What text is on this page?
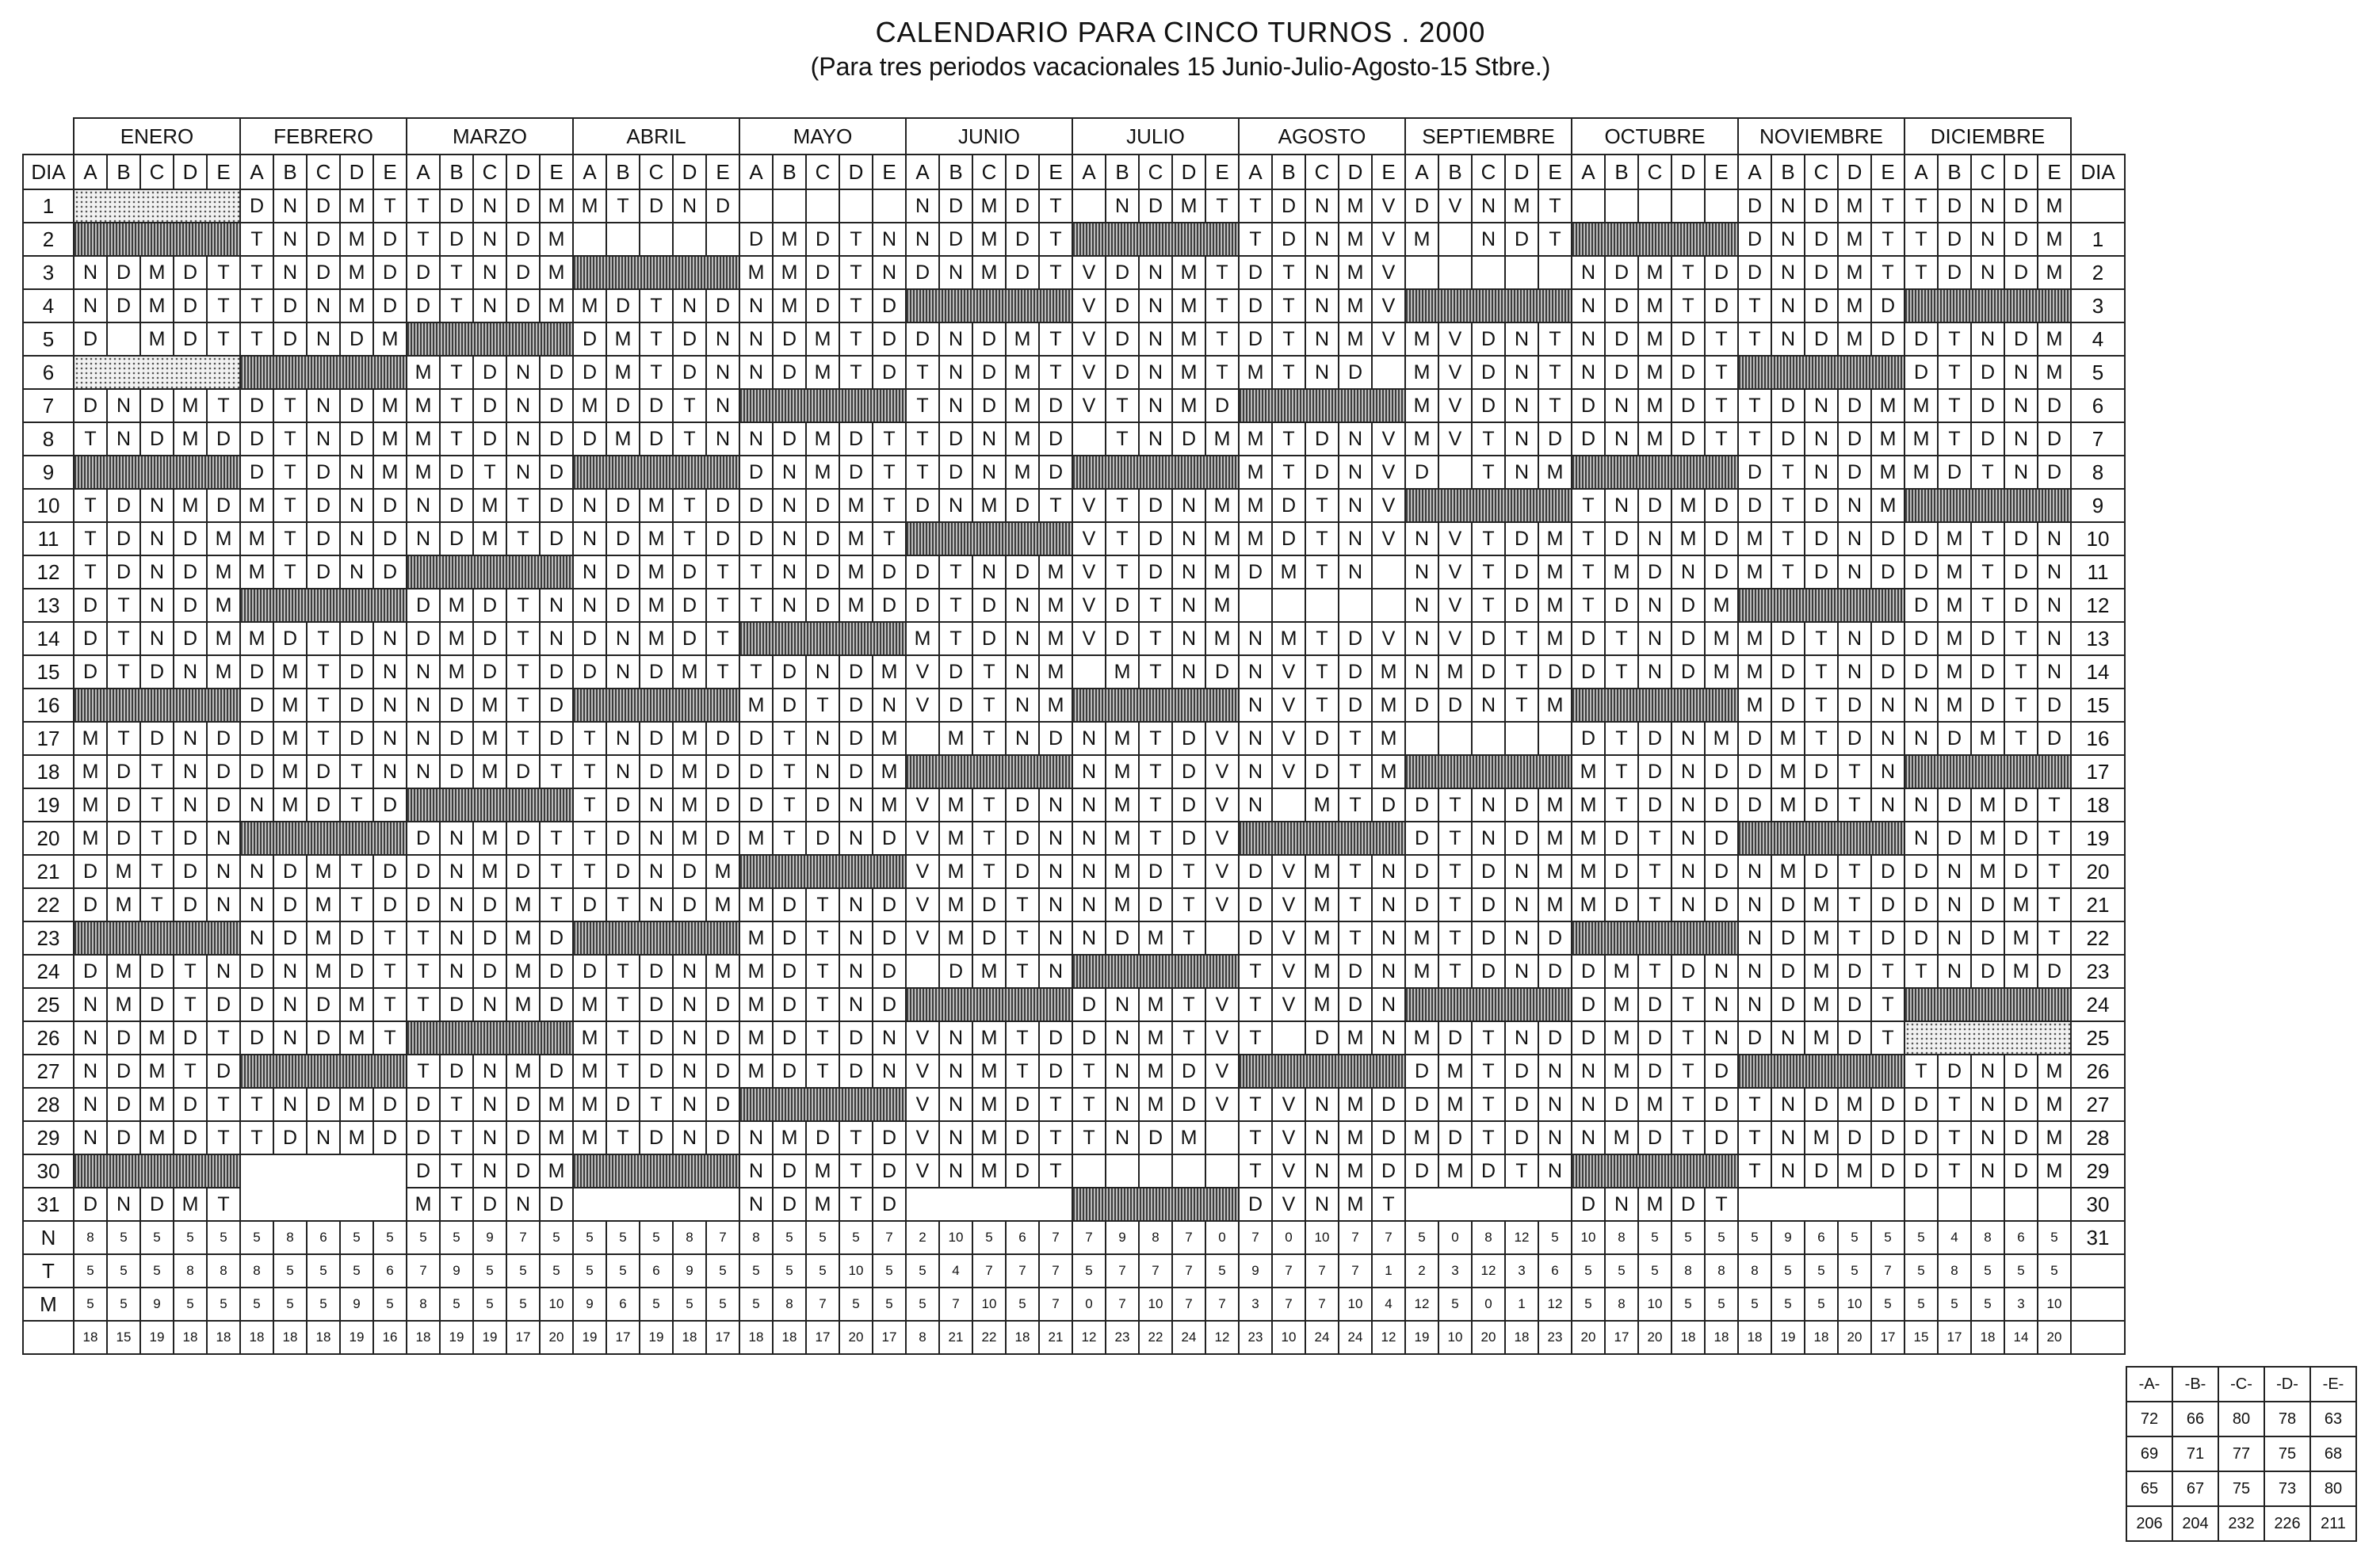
CALENDARIO PARA CINCO TURNOS . 2000
(Para tres periodos vacacionales 15 Junio-Julio-Agosto-15 Stbre.)
	ENERO					FEBRERO					MARZO					ABRIL					MAYO					JUNIO					JULIO					AGOSTO					SEPTIEMBRE					OCTUBRE					NOVIEMBRE					DICIEMBRE					
DIA	A	B	C	D	E	A	B	C	D	E	A	B	C	D	E	A	B	C	D	E	A	B	C	D	E	A	B	C	D	E	A	B	C	D	E	A	B	C	D	E	A	B	C	D	E	A	B	C	D	E	A	B	C	D	E	A	B	C	D	E	DIA
1						D	N	D	M	T	T	D	N	D	M	M	T	D	N	D						N	D	M	D	T		N	D	M	T	T	D	N	M	V	D	V	N	M	T						D	N	D	M	T	T	D	N	D	M	
2						T	N	D	M	D	T	D	N	D	M						D	M	D	T	N	N	D	M	D	T						T	D	N	M	V	M		N	D	T						D	N	D	M	T	T	D	N	D	M	1
3	N	D	M	D	T	T	N	D	M	D	D	T	N	D	M						M	M	D	T	N	D	N	M	D	T	V	D	N	M	T	D	T	N	M	V						N	D	M	T	D	D	N	D	M	T	T	D	N	D	M	2
4	N	D	M	D	T	T	D	N	M	D	D	T	N	D	M	M	D	T	N	D	N	M	D	T	D						V	D	N	M	T	D	T	N	M	V						N	D	M	T	D	T	N	D	M	D						3
5	D		M	D	T	T	D	N	D	M						D	M	T	D	N	N	D	M	T	D	D	N	D	M	T	V	D	N	M	T	D	T	N	M	V	M	V	D	N	T	N	D	M	D	T	T	N	D	M	D	D	T	N	D	M	4
6											M	T	D	N	D	D	M	T	D	N	N	D	M	T	D	T	N	D	M	T	V	D	N	M	T	M	T	N	D		M	V	D	N	T	N	D	M	D	T						D	T	D	N	M	5
7	D	N	D	M	T	D	T	N	D	M	M	T	D	N	D	M	D	D	T	N						T	N	D	M	D	V	T	N	M	D						M	V	D	N	T	D	N	M	D	T	T	D	N	D	M	M	T	D	N	D	6
8	T	N	D	M	D	D	T	N	D	M	M	T	D	N	D	D	M	D	T	N	N	D	M	D	T	T	D	N	M	D		T	N	D	M	M	T	D	N	V	M	V	T	N	D	D	N	M	D	T	T	D	N	D	M	M	T	D	N	D	7
9						D	T	D	N	M	M	D	T	N	D						D	N	M	D	T	T	D	N	M	D						M	T	D	N	V	D		T	N	M						D	T	N	D	M	M	D	T	N	D	8
10	T	D	N	M	D	M	T	D	N	D	N	D	M	T	D	N	D	M	T	D	D	N	D	M	T	D	N	M	D	T	V	T	D	N	M	M	D	T	N	V						T	N	D	M	D	D	T	D	N	M						9
11	T	D	N	D	M	M	T	D	N	D	N	D	M	T	D	N	D	M	T	D	D	N	D	M	T						V	T	D	N	M	M	D	T	N	V	N	V	T	D	M	T	D	N	M	D	M	T	D	N	D	D	M	T	D	N	10
12	T	D	N	D	M	M	T	D	N	D						N	D	M	D	T	T	N	D	M	D	D	T	N	D	M	V	T	D	N	M	D	M	T	N		N	V	T	D	M	T	M	D	N	D	M	T	D	N	D	D	M	T	D	N	11
13	D	T	N	D	M						D	M	D	T	N	N	D	M	D	T	T	N	D	M	D	D	T	D	N	M	V	D	T	N	M						N	V	T	D	M	T	D	N	D	M						D	M	T	D	N	12
14	D	T	N	D	M	M	D	T	D	N	D	M	D	T	N	D	N	M	D	T						M	T	D	N	M	V	D	T	N	M	N	M	T	D	V	N	V	D	T	M	D	T	N	D	M	M	D	T	N	D	D	M	D	T	N	13
15	D	T	D	N	M	D	M	T	D	N	N	M	D	T	D	D	N	D	M	T	T	D	N	D	M	V	D	T	N	M		M	T	N	D	N	V	T	D	M	N	M	D	T	D	D	T	N	D	M	M	D	T	N	D	D	M	D	T	N	14
16						D	M	T	D	N	N	D	M	T	D						M	D	T	D	N	V	D	T	N	M						N	V	T	D	M	D	D	N	T	M						M	D	T	D	N	N	M	D	T	D	15
17	M	T	D	N	D	D	M	T	D	N	N	D	M	T	D	T	N	D	M	D	D	T	N	D	M		M	T	N	D	N	M	T	D	V	N	V	D	T	M						D	T	D	N	M	D	M	T	D	N	N	D	M	T	D	16
18	M	D	T	N	D	D	M	D	T	N	N	D	M	D	T	T	N	D	M	D	D	T	N	D	M						N	M	T	D	V	N	V	D	T	M						M	T	D	N	D	D	M	D	T	N						17
19	M	D	T	N	D	N	M	D	T	D						T	D	N	M	D	D	T	D	N	M	V	M	T	D	N	N	M	T	D	V	N		M	T	D	D	T	N	D	M	M	T	D	N	D	D	M	D	T	N	N	D	M	D	T	18
20	M	D	T	D	N						D	N	M	D	T	T	D	N	M	D	M	T	D	N	D	V	M	T	D	N	N	M	T	D	V						D	T	N	D	M	M	D	T	N	D						N	D	M	D	T	19
21	D	M	T	D	N	N	D	M	T	D	D	N	M	D	T	T	D	N	D	M						V	M	T	D	N	N	M	D	T	V	D	V	M	T	N	D	T	D	N	M	M	D	T	N	D	N	M	D	T	D	D	N	M	D	T	20
22	D	M	T	D	N	N	D	M	T	D	D	N	D	M	T	D	T	N	D	M	M	D	T	N	D	V	M	D	T	N	N	M	D	T	V	D	V	M	T	N	D	T	D	N	M	M	D	T	N	D	N	D	M	T	D	D	N	D	M	T	21
23						N	D	M	D	T	T	N	D	M	D						M	D	T	N	D	V	M	D	T	N	N	D	M	T		D	V	M	T	N	M	T	D	N	D						N	D	M	T	D	D	N	D	M	T	22
24	D	M	D	T	N	D	N	M	D	T	T	N	D	M	D	D	T	D	N	M	M	D	T	N	D		D	M	T	N						T	V	M	D	N	M	T	D	N	D	D	M	T	D	N	N	D	M	D	T	T	N	D	M	D	23
25	N	M	D	T	D	D	N	D	M	T	T	D	N	M	D	M	T	D	N	D	M	D	T	N	D						D	N	M	T	V	T	V	M	D	N						D	M	D	T	N	N	D	M	D	T						24
26	N	D	M	D	T	D	N	D	M	T						M	T	D	N	D	M	D	T	D	N	V	N	M	T	D	D	N	M	T	V	T		D	M	N	M	D	T	N	D	D	M	D	T	N	D	N	M	D	T						25
27	N	D	M	T	D						T	D	N	M	D	M	T	D	N	D	M	D	T	D	N	V	N	M	T	D	T	N	M	D	V						D	M	T	D	N	N	M	D	T	D						T	D	N	D	M	26
28	N	D	M	D	T	T	N	D	M	D	D	T	N	D	M	M	D	T	N	D						V	N	M	D	T	T	N	M	D	V	T	V	N	M	D	D	M	T	D	N	N	D	M	T	D	T	N	D	M	D	D	T	N	D	M	27
29	N	D	M	D	T	T	D	N	M	D	D	T	N	D	M	M	T	D	N	D	N	M	D	T	D	V	N	M	D	T	T	N	D	M		T	V	N	M	D	M	D	T	D	N	N	M	D	T	D	T	N	M	D	D	D	T	N	D	M	28
30											D	T	N	D	M						N	D	M	T	D	V	N	M	D	T						T	V	N	M	D	D	M	D	T	N						T	N	D	M	D	D	T	N	D	M	29
31	D	N	D	M	T						M	T	D	N	D						N	D	M	T	D											D	V	N	M	T						D	N	M	D	T											30
N	8	5	5	5	5	5	8	6	5	5	5	5	9	7	5	5	5	5	8	7	8	5	5	5	7	2	10	5	6	7	7	9	8	7	0	7	0	10	7	7	5	0	8	12	5	10	8	5	5	5	5	9	6	5	5	5	4	8	6	5	31
T	5	5	5	8	8	8	5	5	5	6	7	9	5	5	5	5	5	6	9	5	5	5	5	10	5	5	4	7	7	7	5	7	7	7	5	9	7	7	7	1	2	3	12	3	6	5	5	5	8	8	8	5	5	5	7	5	8	5	5	5	
M	5	5	9	5	5	5	5	5	9	5	8	5	5	5	10	9	6	5	5	5	5	8	7	5	5	5	7	10	5	7	0	7	10	7	7	3	7	7	10	4	12	5	0	1	12	5	8	10	5	5	5	5	5	10	5	5	5	5	3	10	
	18	15	19	18	18	18	18	18	19	16	18	19	19	17	20	19	17	19	18	17	18	18	17	20	17	8	21	22	18	21	12	23	22	24	12	23	10	24	24	12	19	10	20	18	23	20	17	20	18	18	18	19	18	20	17	15	17	18	14	20	
-A-	-B-	-C-	-D-	-E-
72	66	80	78	63
69	71	77	75	68
65	67	75	73	80
206	204	232	226	211
